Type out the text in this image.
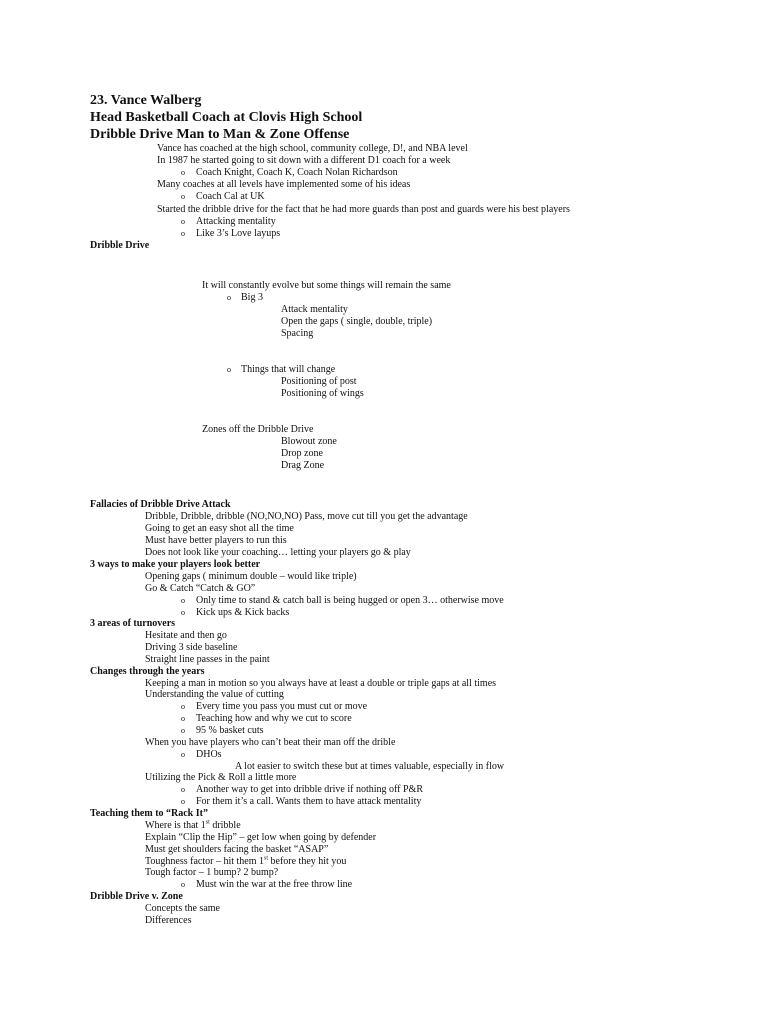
23. Vance Walberg
Head Basketball Coach at Clovis High School
Dribble Drive Man to Man & Zone Offense
Vance has coached at the high school, community college, D!, and NBA level
In 1987 he started going to sit down with a different D1 coach for a week
o Coach Knight, Coach K, Coach Nolan Richardson
Many coaches at all levels have implemented some of his ideas
o Coach Cal at UK
Started the dribble drive for the fact that he had more guards than post and guards were his best players
o Attacking mentality
o Like 3’s Love layups
Dribble Drive
It will constantly evolve but some things will remain the same
o Big 3
Attack mentality
Open the gaps ( single, double, triple)
Spacing
o Things that will change
Positioning of post
Positioning of wings
Zones off the Dribble Drive
Blowout zone
Drop zone
Drag Zone
Fallacies of Dribble Drive Attack
Dribble, Dribble, dribble (NO,NO,NO) Pass, move cut till you get the advantage
Going to get an easy shot all the time
Must have better players to run this
Does not look like your coaching… letting your players go & play
3 ways to make your players look better
Opening gaps ( minimum double – would like triple)
Go & Catch “Catch & GO”
o Only time to stand & catch ball is being hugged or open 3… otherwise move
o Kick ups & Kick backs
3 areas of turnovers
Hesitate and then go
Driving 3 side baseline
Straight line passes in the paint
Changes through the years
Keeping a man in motion so you always have at least a double or triple gaps at all times
Understanding the value of cutting
o Every time you pass you must cut or move
o Teaching how and why we cut to score
o 95 % basket cuts
When you have players who can’t beat their man off the drible
o DHOs
A lot easier to switch these but at times valuable, especially in flow
Utilizing the Pick & Roll a little more
o Another way to get into dribble drive if nothing off P&R
o For them it’s a call. Wants them to have attack mentality
Teaching them to “Rack It”
Where is that 1st dribble
Explain “Clip the Hip” – get low when going by defender
Must get shoulders facing the basket “ASAP”
Toughness factor – hit them 1st before they hit you
Tough factor – 1 bump? 2 bump?
o Must win the war at the free throw line
Dribble Drive v. Zone
Concepts the same
Differences
